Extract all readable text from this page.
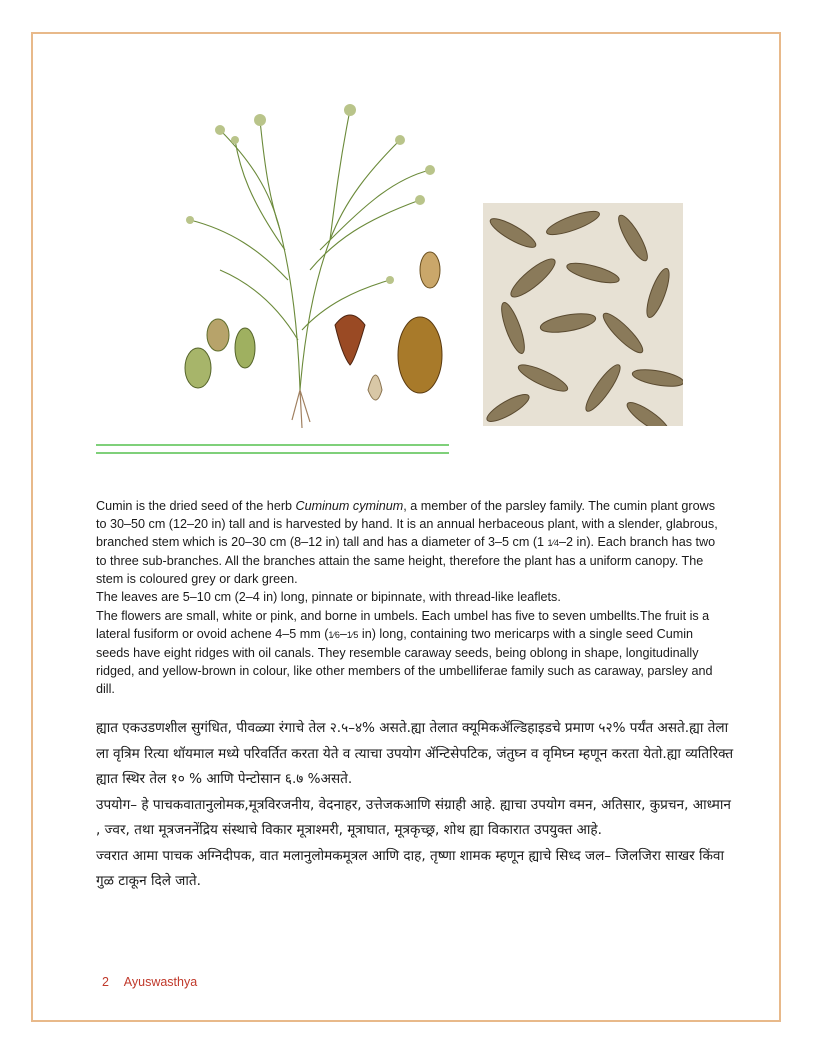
Cumin is the dried seed of the herb Cuminum cyminum, a member of the parsley family. The cumin plant grows to 30–50 cm (12–20 in) tall and is harvested by hand. It is an annual herbaceous plant, with a slender, glabrous, branched stem which is 20–30 cm (8–12 in) tall and has a diameter of 3–5 cm (1 1⁄4–2 in). Each branch has two to three sub-branches. All the branches attain the same height, therefore the plant has a uniform canopy. The stem is coloured grey or dark green.

The leaves are 5–10 cm (2–4 in) long, pinnate or bipinnate, with thread-like leaflets.

The flowers are small, white or pink, and borne in umbels. Each umbel has five to seven umbellts.The fruit is a lateral fusiform or ovoid achene 4–5 mm (1⁄6–1⁄5 in) long, containing two mericarps with a single seed Cumin seeds have eight ridges with oil canals. They resemble caraway seeds, being oblong in shape, longitudinally ridged, and yellow-brown in colour, like other members of the umbelliferae family such as caraway, parsley and dill.

ह्यात एकउडणशील सुगंधित, पीवळ्या रंगाचे तेल २.५–४% असते.ह्या तेलात क्यूमिकॲल्डिहाइडचे प्रमाण ५२% पर्यंत असते.ह्या तेला ला वृत्रिम रित्या थॉयमाल मध्ये परिवर्तित करता येते व त्याचा उपयोग ॲन्टिसेपटिक, जंतुघ्न व वृमिघ्न म्हणून करता येतो.ह्या व्यतिरिक्त ह्यात स्थिर तेल १० % आणि पेन्टोसान ६.७ %असते.

उपयोग– हे पाचकवातानुलोमक,मूत्रविरजनीय, वेदनाहर, उत्तेजकआणि संग्राही आहे. ह्याचा उपयोग वमन, अतिसार, कुप्रचन, आध्मान , ज्वर, तथा मूत्रजननेंद्रिय संस्थाचे विकार मूत्राश्मरी, मूत्राघात, मूत्रकृच्छ्र, शोथ ह्या विकारात उपयुक्त आहे.

ज्वरात आमा पाचक अग्निदीपक, वात मलानुलोमकमूत्रल आणि दाह, तृष्णा शामक म्हणून ह्याचे सिध्द जल– जिलजिरा साखर किंवा गुळ टाकून दिले जाते.

2 Ayuswasthya
